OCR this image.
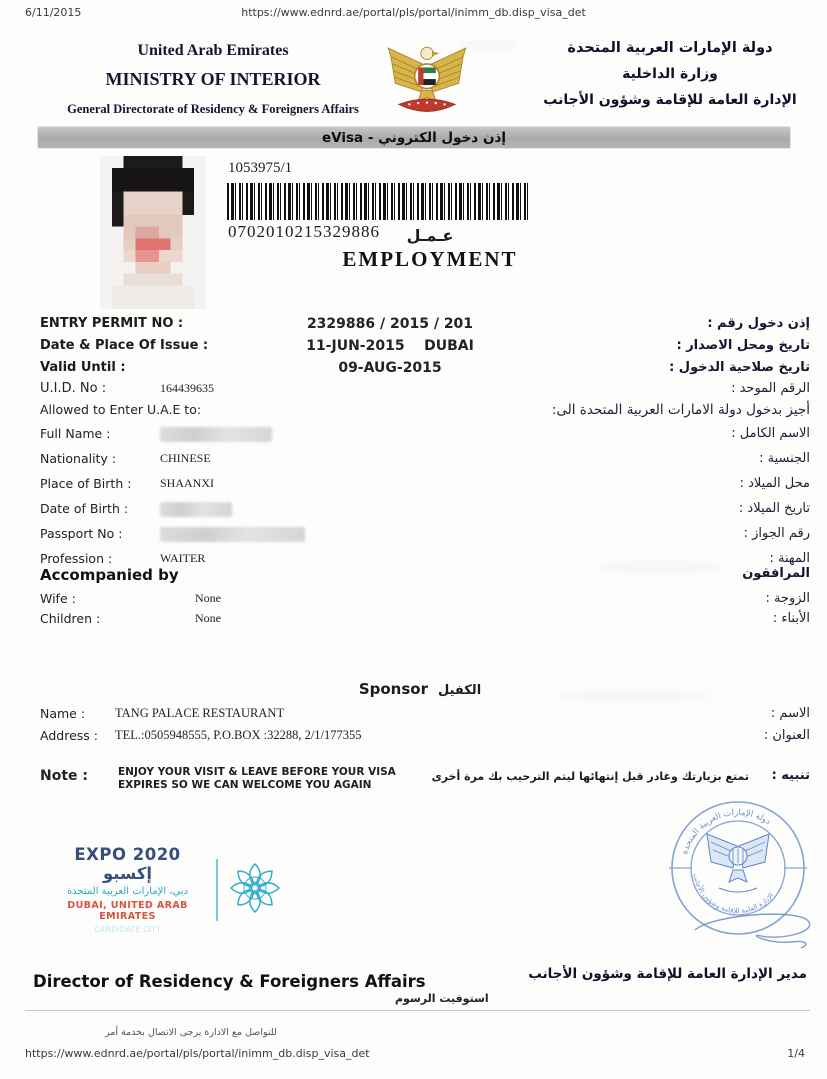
6/11/2015	https://www.ednrd.ae/portal/pls/portal/inimm_db.disp_visa_det
United Arab Emirates
MINISTRY OF INTERIOR
General Directorate of Residency & Foreigners Affairs
دولة الإمارات العربية المتحدة
وزارة الداخلية
الإدارة العامة للإقامة وشؤون الأجانب
إذن دخول الكتروني - eVisa
1053975/1
0702010215329886	عـمـل
EMPLOYMENT
ENTRY PERMIT NO :	2329886 / 2015 / 201	إذن دخول رقم :
Date & Place Of Issue :	11-JUN-2015 DUBAI	تاريخ ومحل الاصدار :
Valid Until :	09-AUG-2015	تاريخ صلاحية الدخول :
U.I.D. No :	164439635	الرقم الموحد :
Allowed to Enter U.A.E to:	أجيز بدخول دولة الامارات العربية المتحدة الى:
Full Name :	الاسم الكامل :
Nationality :	CHINESE	الجنسية :
Place of Birth : SHAANXI	محل الميلاد :
Date of Birth :	تاريخ الميلاد :
Passport No :	رقم الجواز :
Profession :	WAITER	المهنة :
Accompanied by	المرافقون
Wife :	None	الزوجة :
Children :	None	الأبناء :
Sponsor الكفيل
Name : TANG PALACE RESTAURANT	الاسم :
Address : TEL.:0505948555, P.O.BOX :32288, 2/1/177355	العنوان :
Note :	تنبيه :
ENJOY YOUR VISIT & LEAVE BEFORE YOUR VISA EXPIRES SO WE CAN WELCOME YOU AGAIN
تمتع بزيارتك وغادر قبل إنتهائها ليتم الترحيب بك مرة أخرى
EXPO 2020 إكسبو
دبي، الإمارات العربية المتحدة
DUBAI, UNITED ARAB EMIRATES
CANDIDATE CITY
دولة الإمارات العربية المتحدة
الإدارة العامة للإقامة وشؤون الأجانب
Director of Residency & Foreigners Affairs	مدير الإدارة العامة للإقامة وشؤون الأجانب
استوفيت الرسوم
للتواصل مع الادارة يرجى الاتصال بخدمة أمر
https://www.ednrd.ae/portal/pls/portal/inimm_db.disp_visa_det	1/4
